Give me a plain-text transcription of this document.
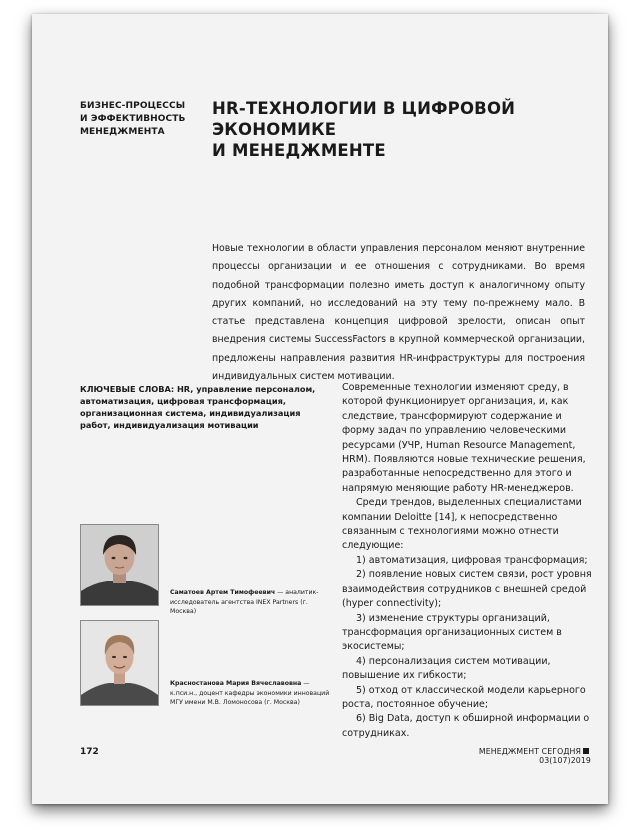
БИЗНЕС-ПРОЦЕССЫ
И ЭФФЕКТИВНОСТЬ
МЕНЕДЖМЕНТА
HR-ТЕХНОЛОГИИ В ЦИФРОВОЙ ЭКОНОМИКЕ
И МЕНЕДЖМЕНТЕ
Новые технологии в области управления персоналом меняют внутренние процессы организации и ее отношения с сотрудниками. Во время подобной трансформации полезно иметь доступ к аналогичному опыту других компаний, но исследований на эту тему по-прежнему мало. В статье представлена концепция цифровой зрелости, описан опыт внедрения системы SuccessFactors в крупной коммерческой организации, предложены направления развития HR-инфраструктуры для построения индивидуальных систем мотивации.
КЛЮЧЕВЫЕ СЛОВА: HR, управление персоналом, автоматизация, цифровая трансформация, организационная система, индивидуализация работ, индивидуализация мотивации

Современные технологии изменяют среду, в которой функционирует организация, и, как следствие, трансформируют содержание и форму задач по управлению человеческими ресурсами (УЧР, Human Resource Management, HRM). Появляются новые технические решения, разработанные непосредственно для этого и напрямую меняющие работу HR-менеджеров.

Среди трендов, выделенных специалистами компании Deloitte [14], к непосредственно связанным с технологиями можно отнести следующие:

1) автоматизация, цифровая трансформация;

2) появление новых систем связи, рост уровня взаимодействия сотрудников с внешней средой (hyper connectivity);

3) изменение структуры организаций, трансформация организационных систем в экосистемы;

4) персонализация систем мотивации, повышение их гибкости;

5) отход от классической модели карьерного роста, постоянное обучение;

6) Big Data, доступ к обширной информации о сотрудниках.

Саматоев Артем Тимофеевич — аналитик-исследователь агентства INEX Partners (г. Москва)
Красностанова Мария Вячеславовна — к.пси.н., доцент кафедры экономики инноваций МГУ имени М.В. Ломоносова (г. Москва)
172	МЕНЕДЖМЕНТ СЕГОДНЯ03(107)2019
